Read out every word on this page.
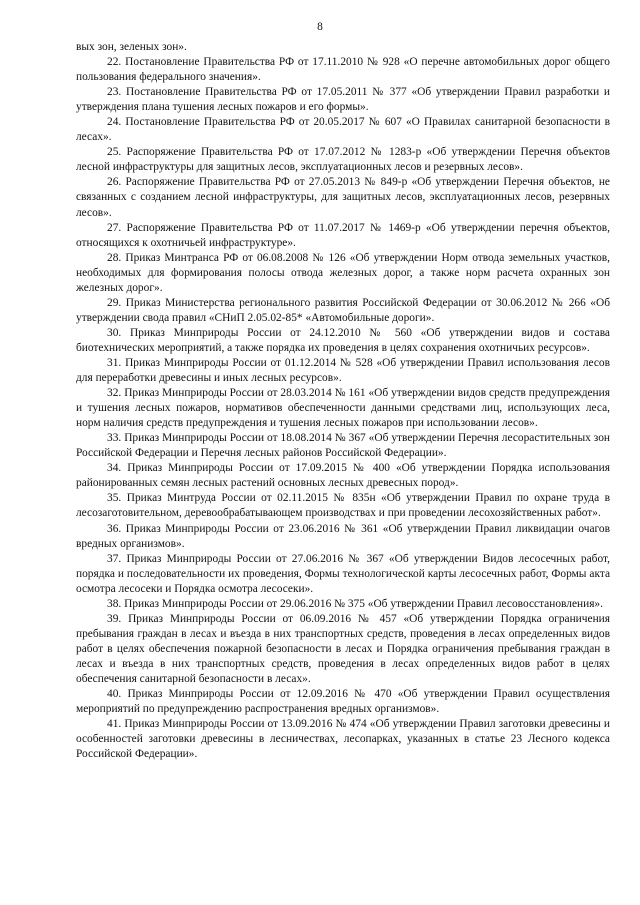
8

вых зон, зеленых зон».

22. Постановление Правительства РФ от 17.11.2010 № 928 «О перечне автомобильных дорог общего пользования федерального значения».

23. Постановление Правительства РФ от 17.05.2011 № 377 «Об утверждении Правил разработки и утверждения плана тушения лесных пожаров и его формы».

24. Постановление Правительства РФ от 20.05.2017 № 607 «О Правилах санитарной безопасности в лесах».

25. Распоряжение Правительства РФ от 17.07.2012 № 1283-р «Об утверждении Перечня объектов лесной инфраструктуры для защитных лесов, эксплуатационных лесов и резервных лесов».

26. Распоряжение Правительства РФ от 27.05.2013 № 849-р «Об утверждении Перечня объектов, не связанных с созданием лесной инфраструктуры, для защитных лесов, эксплуатационных лесов, резервных лесов».

27. Распоряжение Правительства РФ от 11.07.2017 № 1469-р «Об утверждении перечня объектов, относящихся к охотничьей инфраструктуре».

28. Приказ Минтранса РФ от 06.08.2008 № 126 «Об утверждении Норм отвода земельных участков, необходимых для формирования полосы отвода железных дорог, а также норм расчета охранных зон железных дорог».

29. Приказ Министерства регионального развития Российской Федерации от 30.06.2012 № 266 «Об утверждении свода правил «СНиП 2.05.02-85* «Автомобильные дороги».

30. Приказ Минприроды России от 24.12.2010 № 560 «Об утверждении видов и состава биотехнических мероприятий, а также порядка их проведения в целях сохранения охотничьих ресурсов».

31. Приказ Минприроды России от 01.12.2014 № 528 «Об утверждении Правил использования лесов для переработки древесины и иных лесных ресурсов».

32. Приказ Минприроды России от 28.03.2014 № 161 «Об утверждении видов средств предупреждения и тушения лесных пожаров, нормативов обеспеченности данными средствами лиц, использующих леса, норм наличия средств предупреждения и тушения лесных пожаров при использовании лесов».

33. Приказ Минприроды России от 18.08.2014 № 367 «Об утверждении Перечня лесорастительных зон Российской Федерации и Перечня лесных районов Российской Федерации».

34. Приказ Минприроды России от 17.09.2015 № 400 «Об утверждении Порядка использования районированных семян лесных растений основных лесных древесных пород».

35. Приказ Минтруда России от 02.11.2015 № 835н «Об утверждении Правил по охране труда в лесозаготовительном, деревообрабатывающем производствах и при проведении лесохозяйственных работ».

36. Приказ Минприроды России от 23.06.2016 № 361 «Об утверждении Правил ликвидации очагов вредных организмов».

37. Приказ Минприроды России от 27.06.2016 № 367 «Об утверждении Видов лесосечных работ, порядка и последовательности их проведения, Формы технологической карты лесосечных работ, Формы акта осмотра лесосеки и Порядка осмотра лесосеки».

38. Приказ Минприроды России от 29.06.2016 № 375 «Об утверждении Правил лесовосстановления».

39. Приказ Минприроды России от 06.09.2016 № 457 «Об утверждении Порядка ограничения пребывания граждан в лесах и въезда в них транспортных средств, проведения в лесах определенных видов работ в целях обеспечения пожарной безопасности в лесах и Порядка ограничения пребывания граждан в лесах и въезда в них транспортных средств, проведения в лесах определенных видов работ в целях обеспечения санитарной безопасности в лесах».

40. Приказ Минприроды России от 12.09.2016 № 470 «Об утверждении Правил осуществления мероприятий по предупреждению распространения вредных организмов».

41. Приказ Минприроды России от 13.09.2016 № 474 «Об утверждении Правил заготовки древесины и особенностей заготовки древесины в лесничествах, лесопарках, указанных в статье 23 Лесного кодекса Российской Федерации».
